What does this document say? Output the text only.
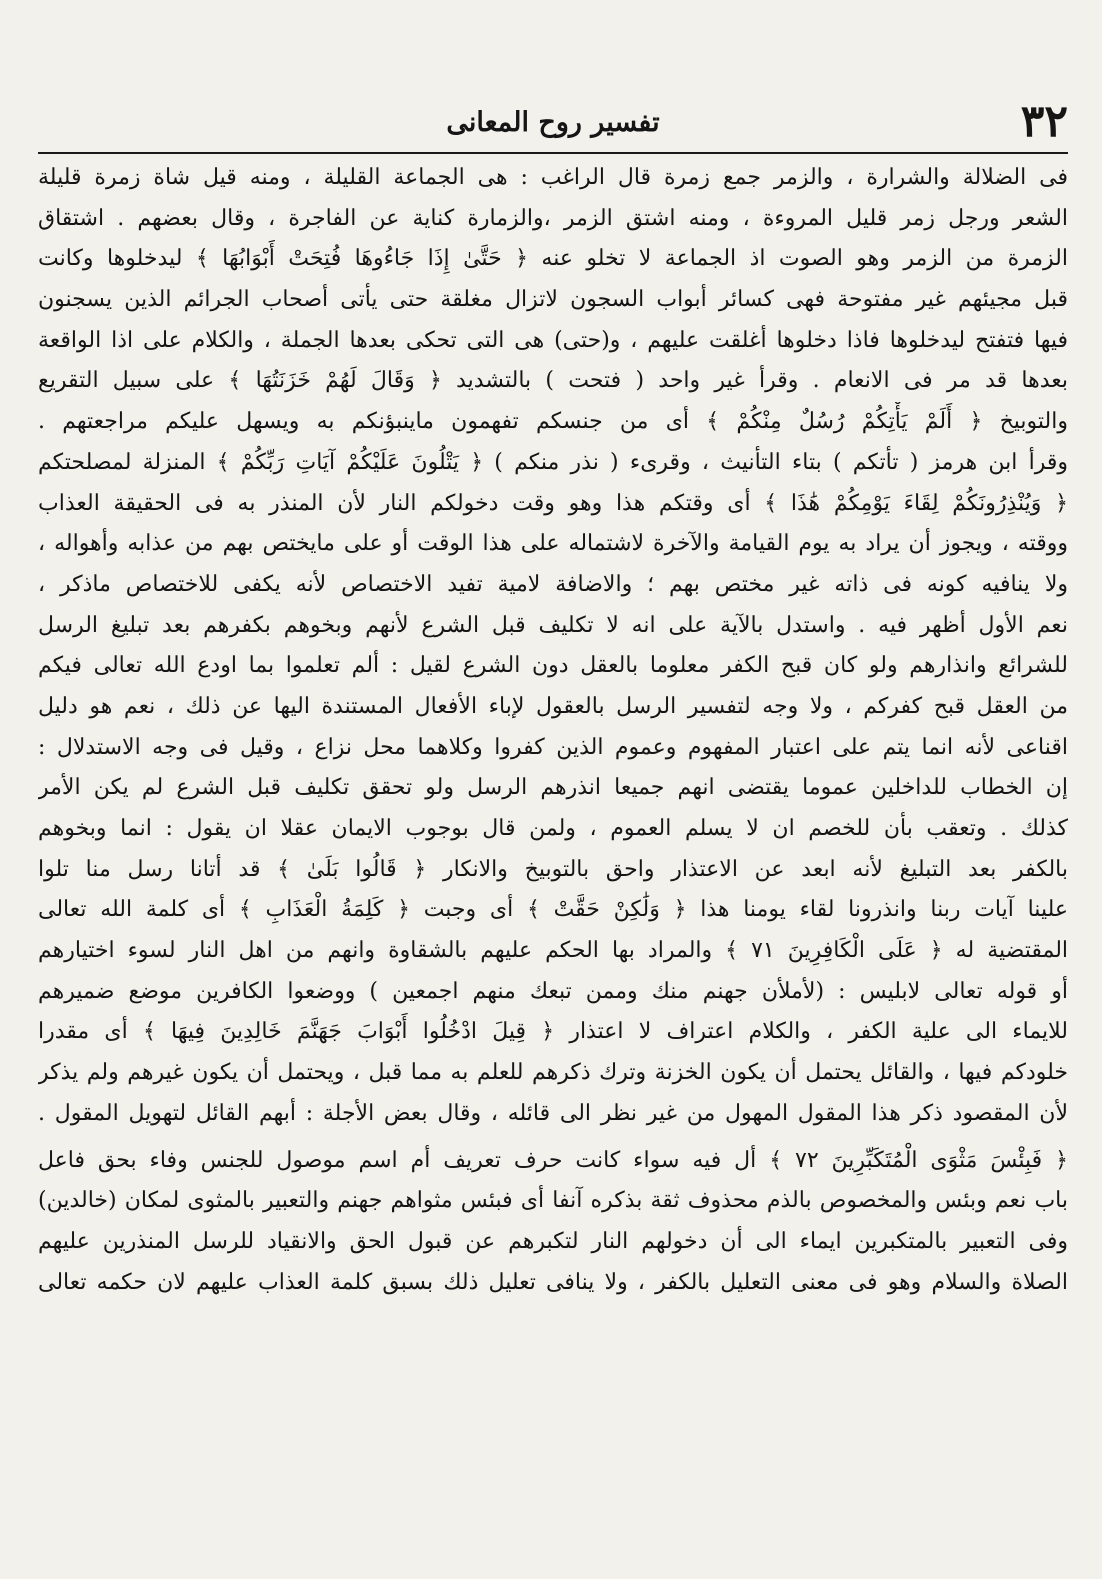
٣٢
تفسير روح المعانى
فى الضلالة والشرارة ، والزمر جمع زمرة قال الراغب : هى الجماعة القليلة ، ومنه قيل شاة زمرة قليلة
الشعر ورجل زمر قليل المروءة ، ومنه اشتق الزمر ،والزمارة كناية عن الفاجرة ، وقال بعضهم . اشتقاق
الزمرة من الزمر وهو الصوت اذ الجماعة لا تخلو عنه ﴿ حَتَّىٰ إِذَا جَاءُوهَا فُتِحَتْ أَبْوَابُهَا ﴾ ليدخلوها وكانت
قبل مجيئهم غير مفتوحة فهى كسائر أبواب السجون لاتزال مغلقة حتى يأتى أصحاب الجرائم الذين يسجنون
فيها فتفتح ليدخلوها فاذا دخلوها أغلقت عليهم ، و(حتى) هى التى تحكى بعدها الجملة ، والكلام على اذا الواقعة
بعدها قد مر فى الانعام . وقرأ غير واحد ( فتحت ) بالتشديد ﴿ وَقَالَ لَهُمْ خَزَنَتُهَا ﴾ على سبيل التقريع
والتوبيخ ﴿ أَلَمْ يَأْتِكُمْ رُسُلٌ مِنْكُمْ ﴾ أى من جنسكم تفهمون ماينبؤنكم به ويسهل عليكم مراجعتهم .
وقرأ ابن هرمز ( تأتكم ) بتاء التأنيث ، وقرىء ( نذر منكم ) ﴿ يَتْلُونَ عَلَيْكُمْ آيَاتِ رَبِّكُمْ ﴾ المنزلة لمصلحتكم
﴿ وَيُنْذِرُونَكُمْ لِقَاءَ يَوْمِكُمْ هَٰذَا ﴾ أى وقتكم هذا وهو وقت دخولكم النار لأن المنذر به فى الحقيقة العذاب
ووقته ، ويجوز أن يراد به يوم القيامة والآخرة لاشتماله على هذا الوقت أو على مايختص بهم من عذابه وأهواله ،
ولا ينافيه كونه فى ذاته غير مختص بهم ؛ والاضافة لامية تفيد الاختصاص لأنه يكفى للاختصاص ماذكر ،
نعم الأول أظهر فيه . واستدل بالآية على انه لا تكليف قبل الشرع لأنهم وبخوهم بكفرهم بعد تبليغ الرسل
للشرائع وانذارهم ولو كان قبح الكفر معلوما بالعقل دون الشرع لقيل : ألم تعلموا بما اودع الله تعالى فيكم
من العقل قبح كفركم ، ولا وجه لتفسير الرسل بالعقول لإباء الأفعال المستندة اليها عن ذلك ، نعم هو دليل
اقناعى لأنه انما يتم على اعتبار المفهوم وعموم الذين كفروا وكلاهما محل نزاع ، وقيل فى وجه الاستدلال :
إن الخطاب للداخلين عموما يقتضى انهم جميعا انذرهم الرسل ولو تحقق تكليف قبل الشرع لم يكن الأمر
كذلك . وتعقب بأن للخصم ان لا يسلم العموم ، ولمن قال بوجوب الايمان عقلا ان يقول : انما وبخوهم
بالكفر بعد التبليغ لأنه ابعد عن الاعتذار واحق بالتوبيخ والانكار ﴿ قَالُوا بَلَىٰ ﴾ قد أتانا رسل منا تلوا
علينا آيات ربنا وانذرونا لقاء يومنا هذا ﴿ وَلَٰكِنْ حَقَّتْ ﴾ أى وجبت ﴿ كَلِمَةُ الْعَذَابِ ﴾ أى كلمة الله تعالى
المقتضية له ﴿ عَلَى الْكَافِرِينَ ٧١ ﴾ والمراد بها الحكم عليهم بالشقاوة وانهم من اهل النار لسوء اختيارهم
أو قوله تعالى لابليس : (لأملأن جهنم منك وممن تبعك منهم اجمعين ) ووضعوا الكافرين موضع ضميرهم
للايماء الى علية الكفر ، والكلام اعتراف لا اعتذار ﴿ قِيلَ ادْخُلُوا أَبْوَابَ جَهَنَّمَ خَالِدِينَ فِيهَا ﴾ أى مقدرا
خلودكم فيها ، والقائل يحتمل أن يكون الخزنة وترك ذكرهم للعلم به مما قبل ، ويحتمل أن يكون غيرهم ولم يذكر
لأن المقصود ذكر هذا المقول المهول من غير نظر الى قائله ، وقال بعض الأجلة : أبهم القائل لتهويل المقول .
﴿ فَبِئْسَ مَثْوَى الْمُتَكَبِّرِينَ ٧٢ ﴾ أل فيه سواء كانت حرف تعريف أم اسم موصول للجنس وفاء بحق فاعل
باب نعم وبئس والمخصوص بالذم محذوف ثقة بذكره آنفا أى فبئس مثواهم جهنم والتعبير بالمثوى لمكان (خالدين)
وفى التعبير بالمتكبرين ايماء الى أن دخولهم النار لتكبرهم عن قبول الحق والانقياد للرسل المنذرين عليهم
الصلاة والسلام وهو فى معنى التعليل بالكفر ، ولا ينافى تعليل ذلك بسبق كلمة العذاب عليهم لان حكمه تعالى
